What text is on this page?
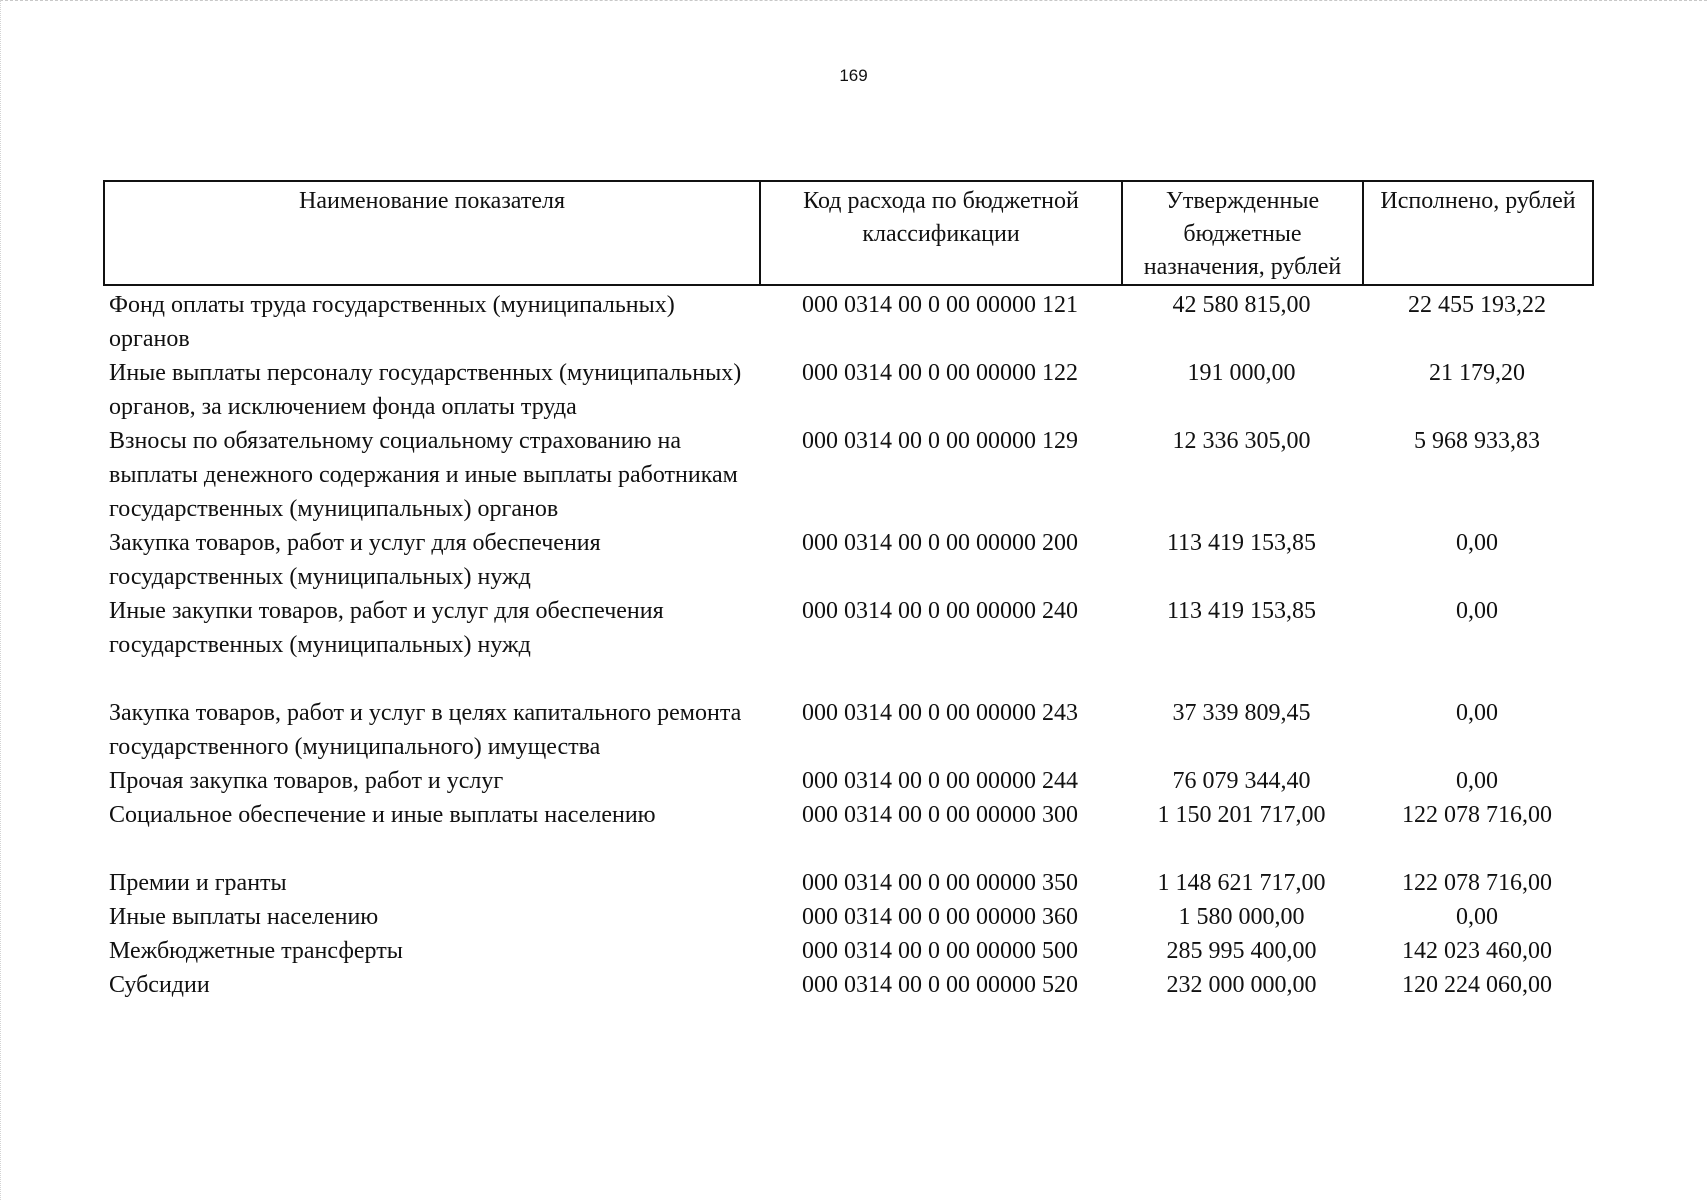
169
Наименование показателя	Код расхода по бюджетной классификации	Утвержденные бюджетные назначения, рублей	Исполнено, рублей
Фонд оплаты труда государственных (муниципальных) органов	000 0314 00 0 00 00000 121	42 580 815,00	22 455 193,22
Иные выплаты персоналу государственных (муниципальных) органов, за исключением фонда оплаты труда	000 0314 00 0 00 00000 122	191 000,00	21 179,20
Взносы по обязательному социальному страхованию на выплаты денежного содержания и иные выплаты работникам государственных (муниципальных) органов	000 0314 00 0 00 00000 129	12 336 305,00	5 968 933,83
Закупка товаров, работ и услуг для обеспечения государственных (муниципальных) нужд	000 0314 00 0 00 00000 200	113 419 153,85	0,00
Иные закупки товаров, работ и услуг для обеспечения государственных (муниципальных) нужд	000 0314 00 0 00 00000 240	113 419 153,85	0,00
Закупка товаров, работ и услуг в целях капитального ремонта государственного (муниципального) имущества	000 0314 00 0 00 00000 243	37 339 809,45	0,00
Прочая закупка товаров, работ и услуг	000 0314 00 0 00 00000 244	76 079 344,40	0,00
Социальное обеспечение и иные выплаты населению	000 0314 00 0 00 00000 300	1 150 201 717,00	122 078 716,00
Премии и гранты	000 0314 00 0 00 00000 350	1 148 621 717,00	122 078 716,00
Иные выплаты населению	000 0314 00 0 00 00000 360	1 580 000,00	0,00
Межбюджетные трансферты	000 0314 00 0 00 00000 500	285 995 400,00	142 023 460,00
Субсидии	000 0314 00 0 00 00000 520	232 000 000,00	120 224 060,00
